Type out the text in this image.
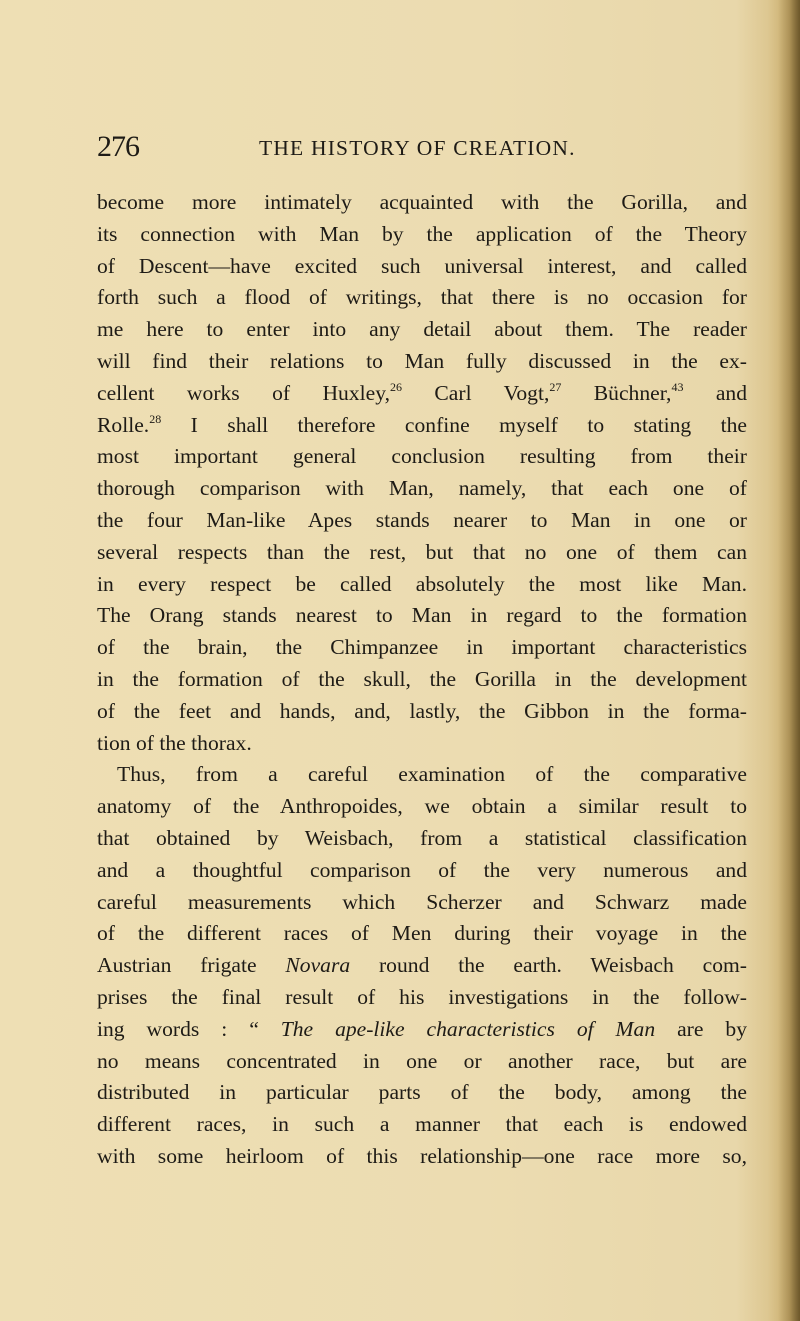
276	THE HISTORY OF CREATION.
become more intimately acquainted with the Gorilla, and
its connection with Man by the application of the Theory
of Descent—have excited such universal interest, and called
forth such a flood of writings, that there is no occasion for
me here to enter into any detail about them. The reader
will find their relations to Man fully discussed in the ex-
cellent works of Huxley,$^{26}$ Carl Vogt,$^{27}$ Büchner,$^{43}$ and
Rolle.$^{28}$ I shall therefore confine myself to stating the
most important general conclusion resulting from their
thorough comparison with Man, namely, that each one of
the four Man-like Apes stands nearer to Man in one or
several respects than the rest, but that no one of them can
in every respect be called absolutely the most like Man.
The Orang stands nearest to Man in regard to the formation
of the brain, the Chimpanzee in important characteristics
in the formation of the skull, the Gorilla in the development
of the feet and hands, and, lastly, the Gibbon in the forma-
tion of the thorax.
Thus, from a careful examination of the comparative
anatomy of the Anthropoides, we obtain a similar result to
that obtained by Weisbach, from a statistical classification
and a thoughtful comparison of the very numerous and
careful measurements which Scherzer and Schwarz made
of the different races of Men during their voyage in the
Austrian frigate Novara round the earth. Weisbach com-
prises the final result of his investigations in the follow-
ing words : “ The ape-like characteristics of Man are by
no means concentrated in one or another race, but are
distributed in particular parts of the body, among the
different races, in such a manner that each is endowed
with some heirloom of this relationship—one race more so,
